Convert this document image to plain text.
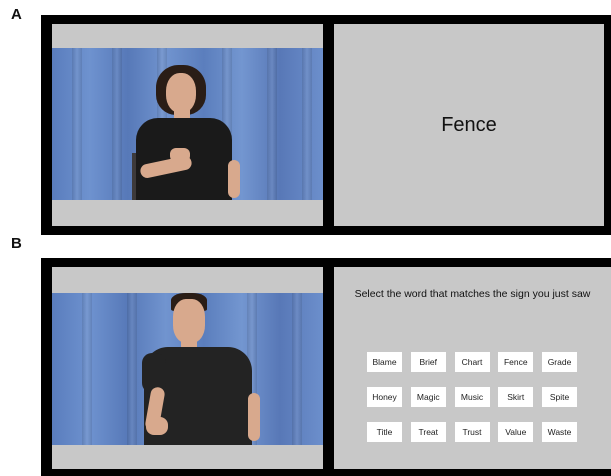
A
Fence
B
Select the word that matches the sign you just saw
Blame	Brief	Chart	Fence	Grade
Honey	Magic	Music	Skirt	Spite
Title	Treat	Trust	Value	Waste
